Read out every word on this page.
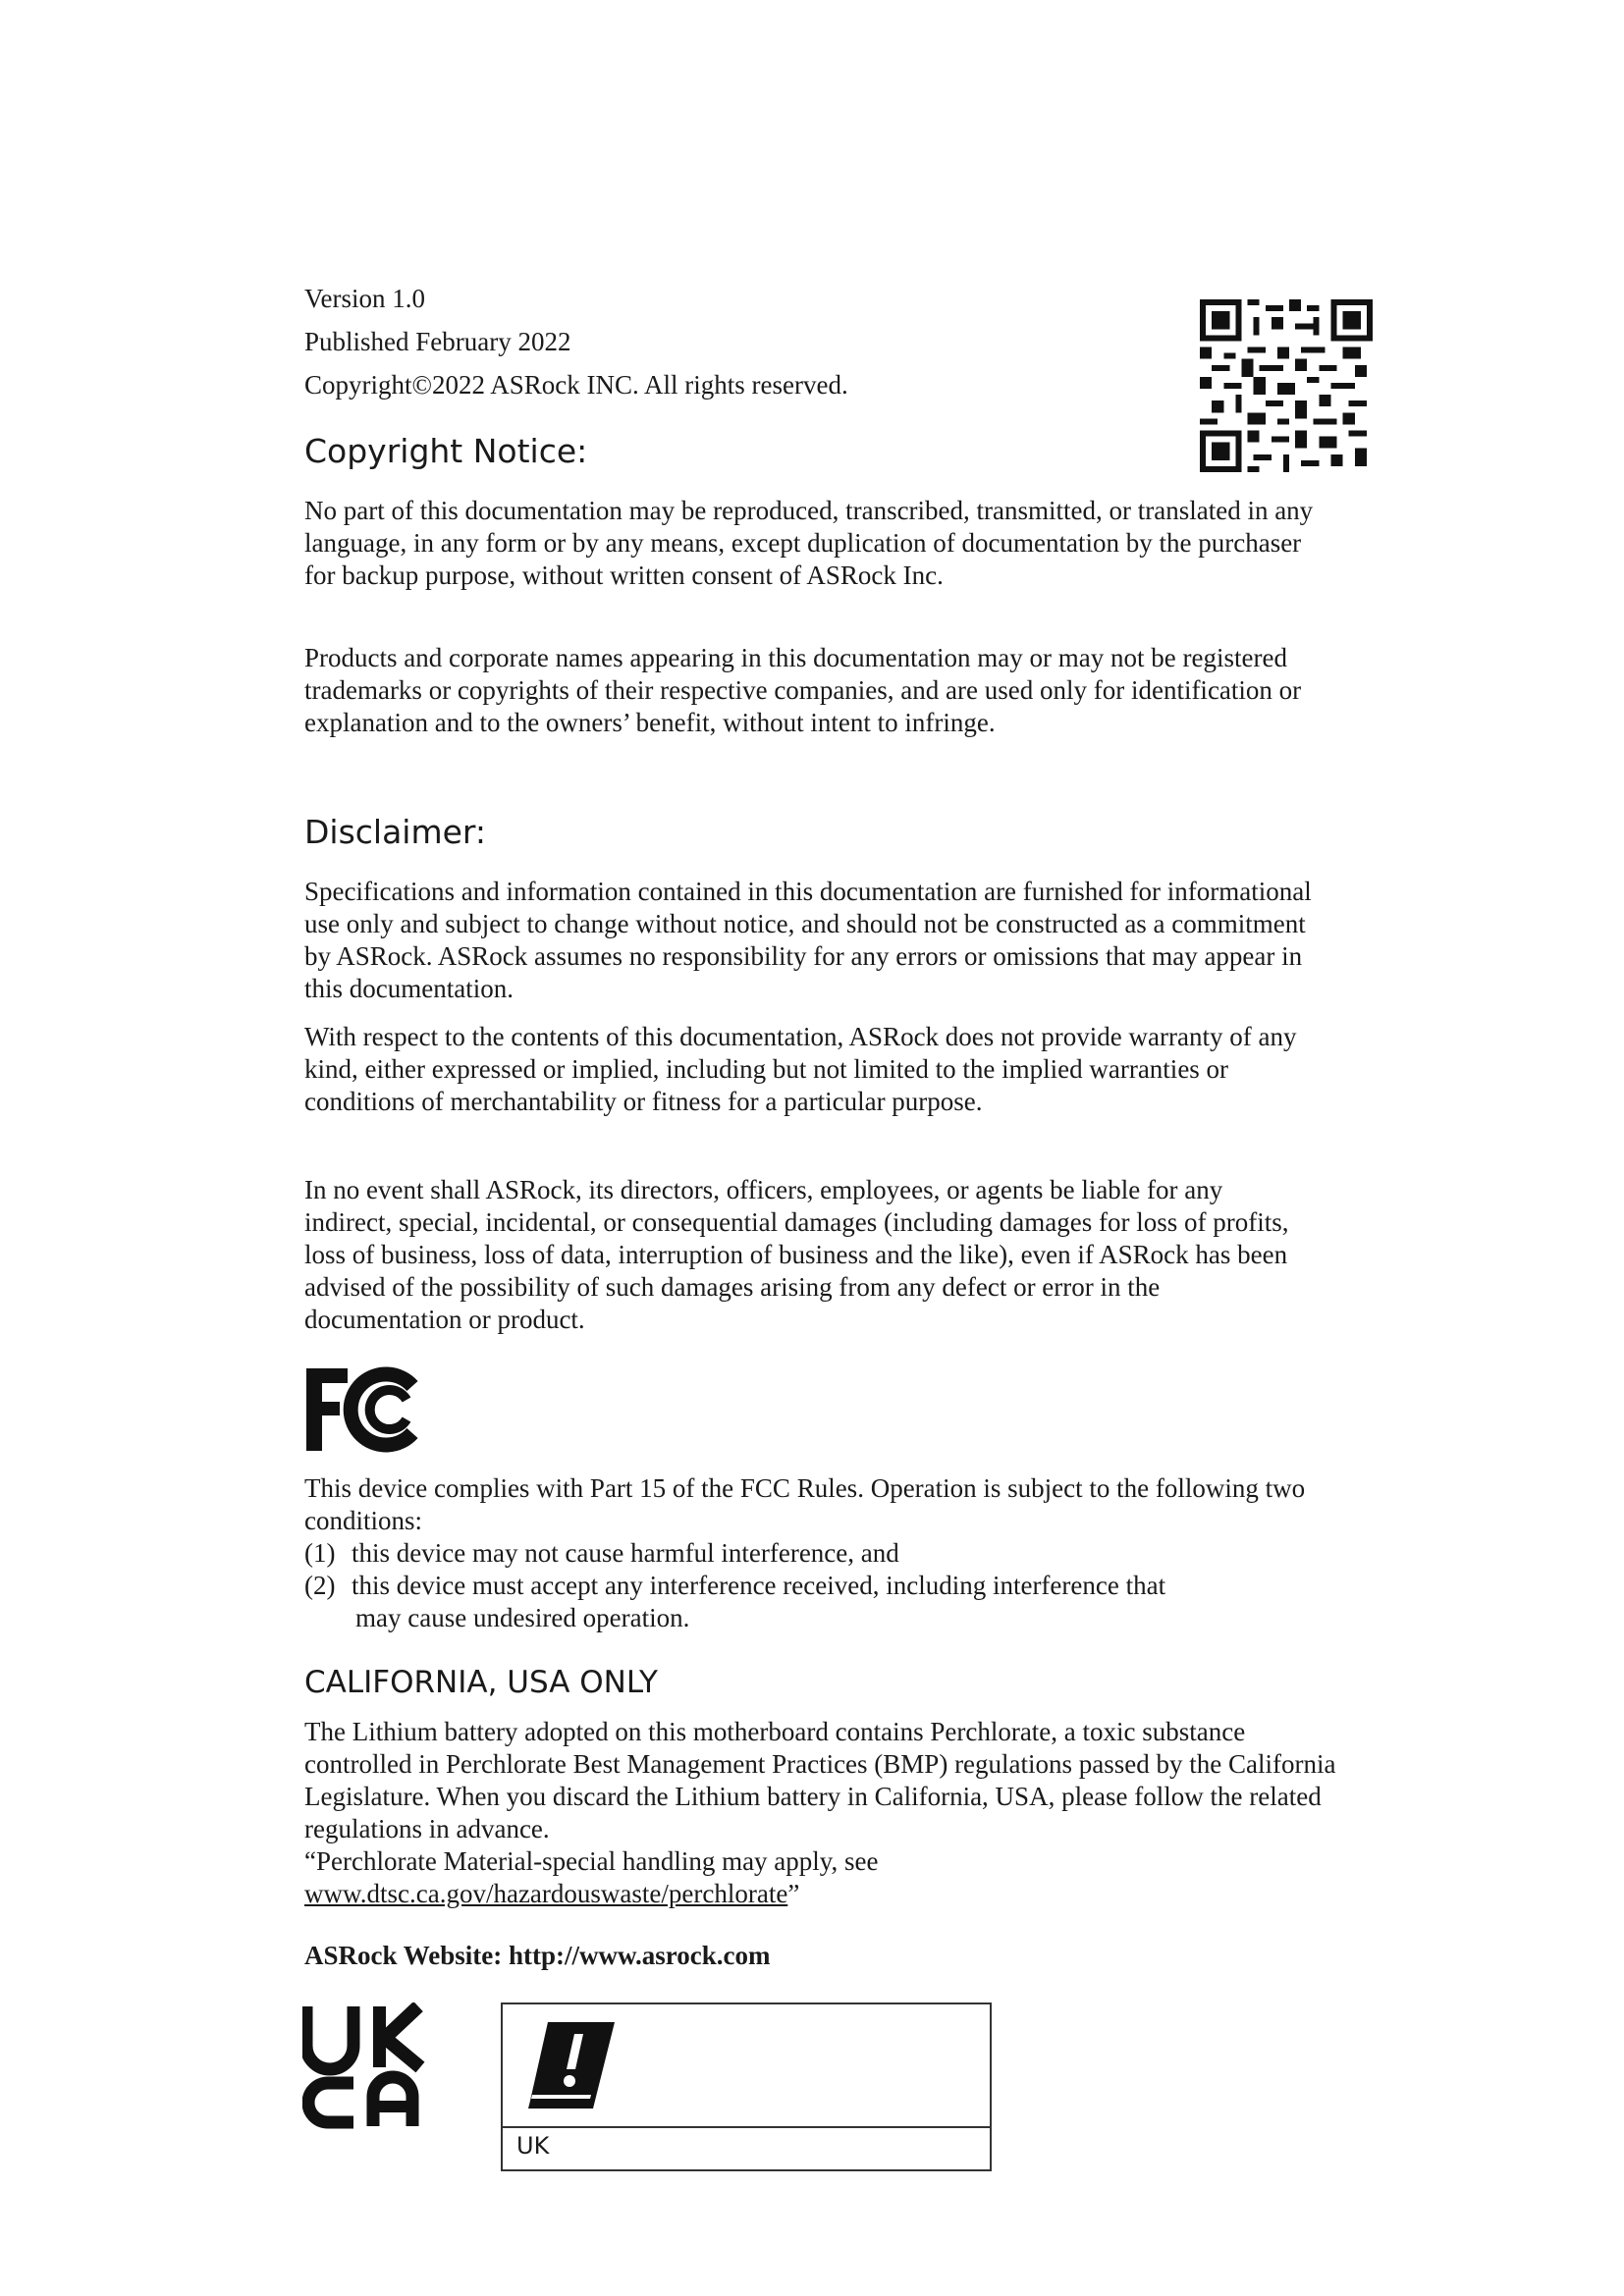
Version 1.0
Published February 2022
Copyright©2022 ASRock INC. All rights reserved.
Copyright Notice:

No part of this documentation may be reproduced, transcribed, transmitted, or translated in any language, in any form or by any means, except duplication of documentation by the purchaser for backup purpose, without written consent of ASRock Inc.

Products and corporate names appearing in this documentation may or may not be registered trademarks or copyrights of their respective companies, and are used only for identification or explanation and to the owners’ benefit, without intent to infringe.

Disclaimer:

Specifications and information contained in this documentation are furnished for informational use only and subject to change without notice, and should not be constructed as a commitment by ASRock. ASRock assumes no responsibility for any errors or omissions that may appear in this documentation.

With respect to the contents of this documentation, ASRock does not provide warranty of any kind, either expressed or implied, including but not limited to the implied warranties or conditions of merchantability or fitness for a particular purpose.

In no event shall ASRock, its directors, officers, employees, or agents be liable for any indirect, special, incidental, or consequential damages (including damages for loss of profits, loss of business, loss of data, interruption of business and the like), even if ASRock has been advised of the possibility of such damages arising from any defect or error in the documentation or product.

This device complies with Part 15 of the FCC Rules. Operation is subject to the following two conditions:

(1) this device may not cause harmful interference, and
(2) this device must accept any interference received, including interference that
may cause undesired operation.
CALIFORNIA, USA ONLY

The Lithium battery adopted on this motherboard contains Perchlorate, a toxic substance controlled in Perchlorate Best Management Practices (BMP) regulations passed by the California Legislature. When you discard the Lithium battery in California, USA, please follow the related regulations in advance.

“Perchlorate Material-special handling may apply, see www.dtsc.ca.gov/hazardouswaste/perchlorate”

ASRock Website: http://www.asrock.com

UK
